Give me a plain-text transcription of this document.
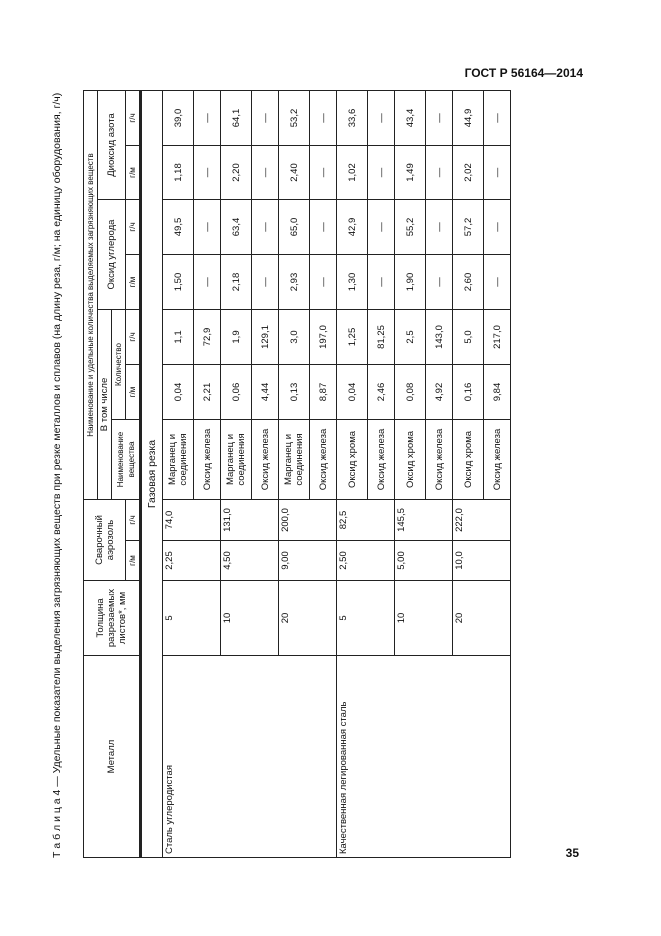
ГОСТ Р 56164—2014
Т а б л и ц а 4 — Удельные показатели выделения загрязняющих веществ при резке металлов и сплавов (на длину реза, г/м; на единицу оборудования, г/ч)	Металл	Толщина разрезаемых листов*, мм	Сварочный аэрозоль		Наименование и удельные количества выделяемых загрязняющих веществ						
				В том числе			Оксид углерода		Диоксид азота	
				Наименование вещества	Количество					
		г/м	г/ч		г/м	г/ч	г/м	г/ч	г/м	г/ч
Газовая резка										
Сталь углеродистая	5	2,25	74,0	Марганец и соединения	0,04	1,1	1,50	49,5	1,18	39,0
				Оксид железа	2,21	72,9	—	—	—	—
	10	4,50	131,0	Марганец и соединения	0,06	1,9	2,18	63,4	2,20	64,1
				Оксид железа	4,44	129,1	—	—	—	—
	20	9,00	200,0	Марганец и соединения	0,13	3,0	2,93	65,0	2,40	53,2
				Оксид железа	8,87	197,0	—	—	—	—
Качественная легированная сталь	5	2,50	82,5	Оксид хрома	0,04	1,25	1,30	42,9	1,02	33,6
				Оксид железа	2,46	81,25	—	—	—	—
	10	5,00	145,5	Оксид хрома	0,08	2,5	1,90	55,2	1,49	43,4
				Оксид железа	4,92	143,0	—	—	—	—
	20	10,0	222,0	Оксид хрома	0,16	5,0	2,60	57,2	2,02	44,9
				Оксид железа	9,84	217,0	—	—	—	—
35
